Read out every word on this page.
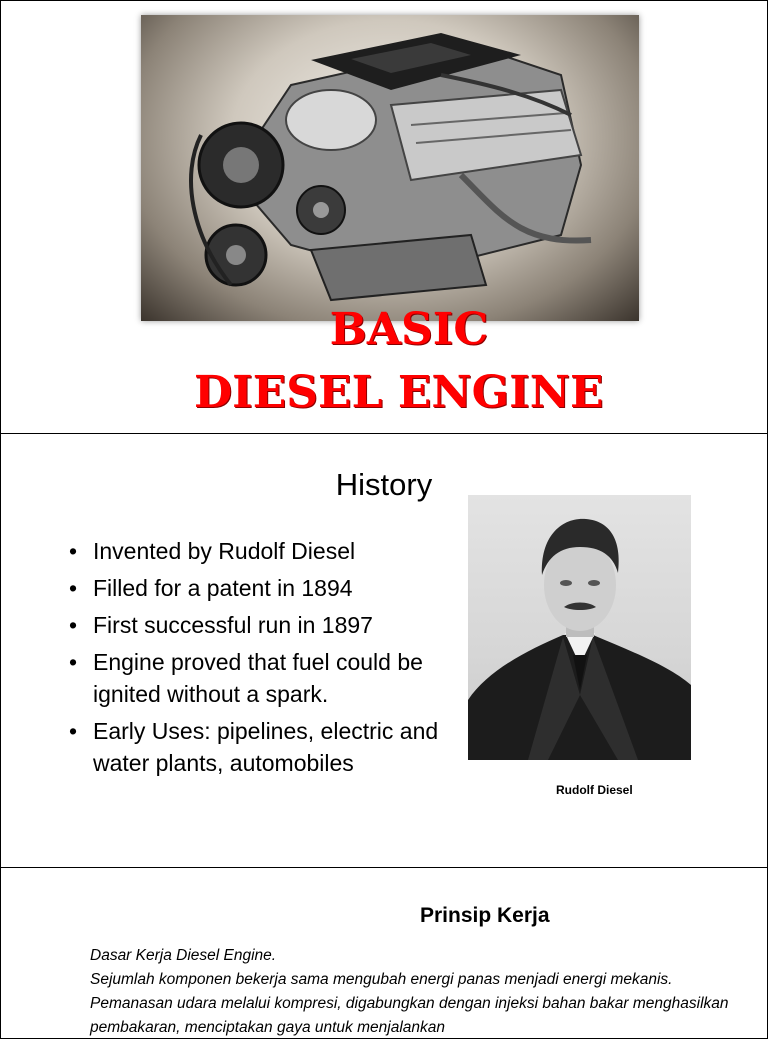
BASIC
DIESEL ENGINE
History
• Invented by Rudolf Diesel
• Filled for a patent in 1894
• First successful run in 1897
• Engine proved that fuel could be ignited without a spark.
• Early Uses: pipelines, electric and water plants, automobiles
Rudolf Diesel
Prinsip Kerja

Dasar Kerja Diesel Engine.

Sejumlah komponen bekerja sama mengubah energi panas menjadi energi mekanis. Pemanasan udara melalui kompresi, digabungkan dengan injeksi bahan bakar menghasilkan pembakaran, menciptakan gaya untuk menjalankan
